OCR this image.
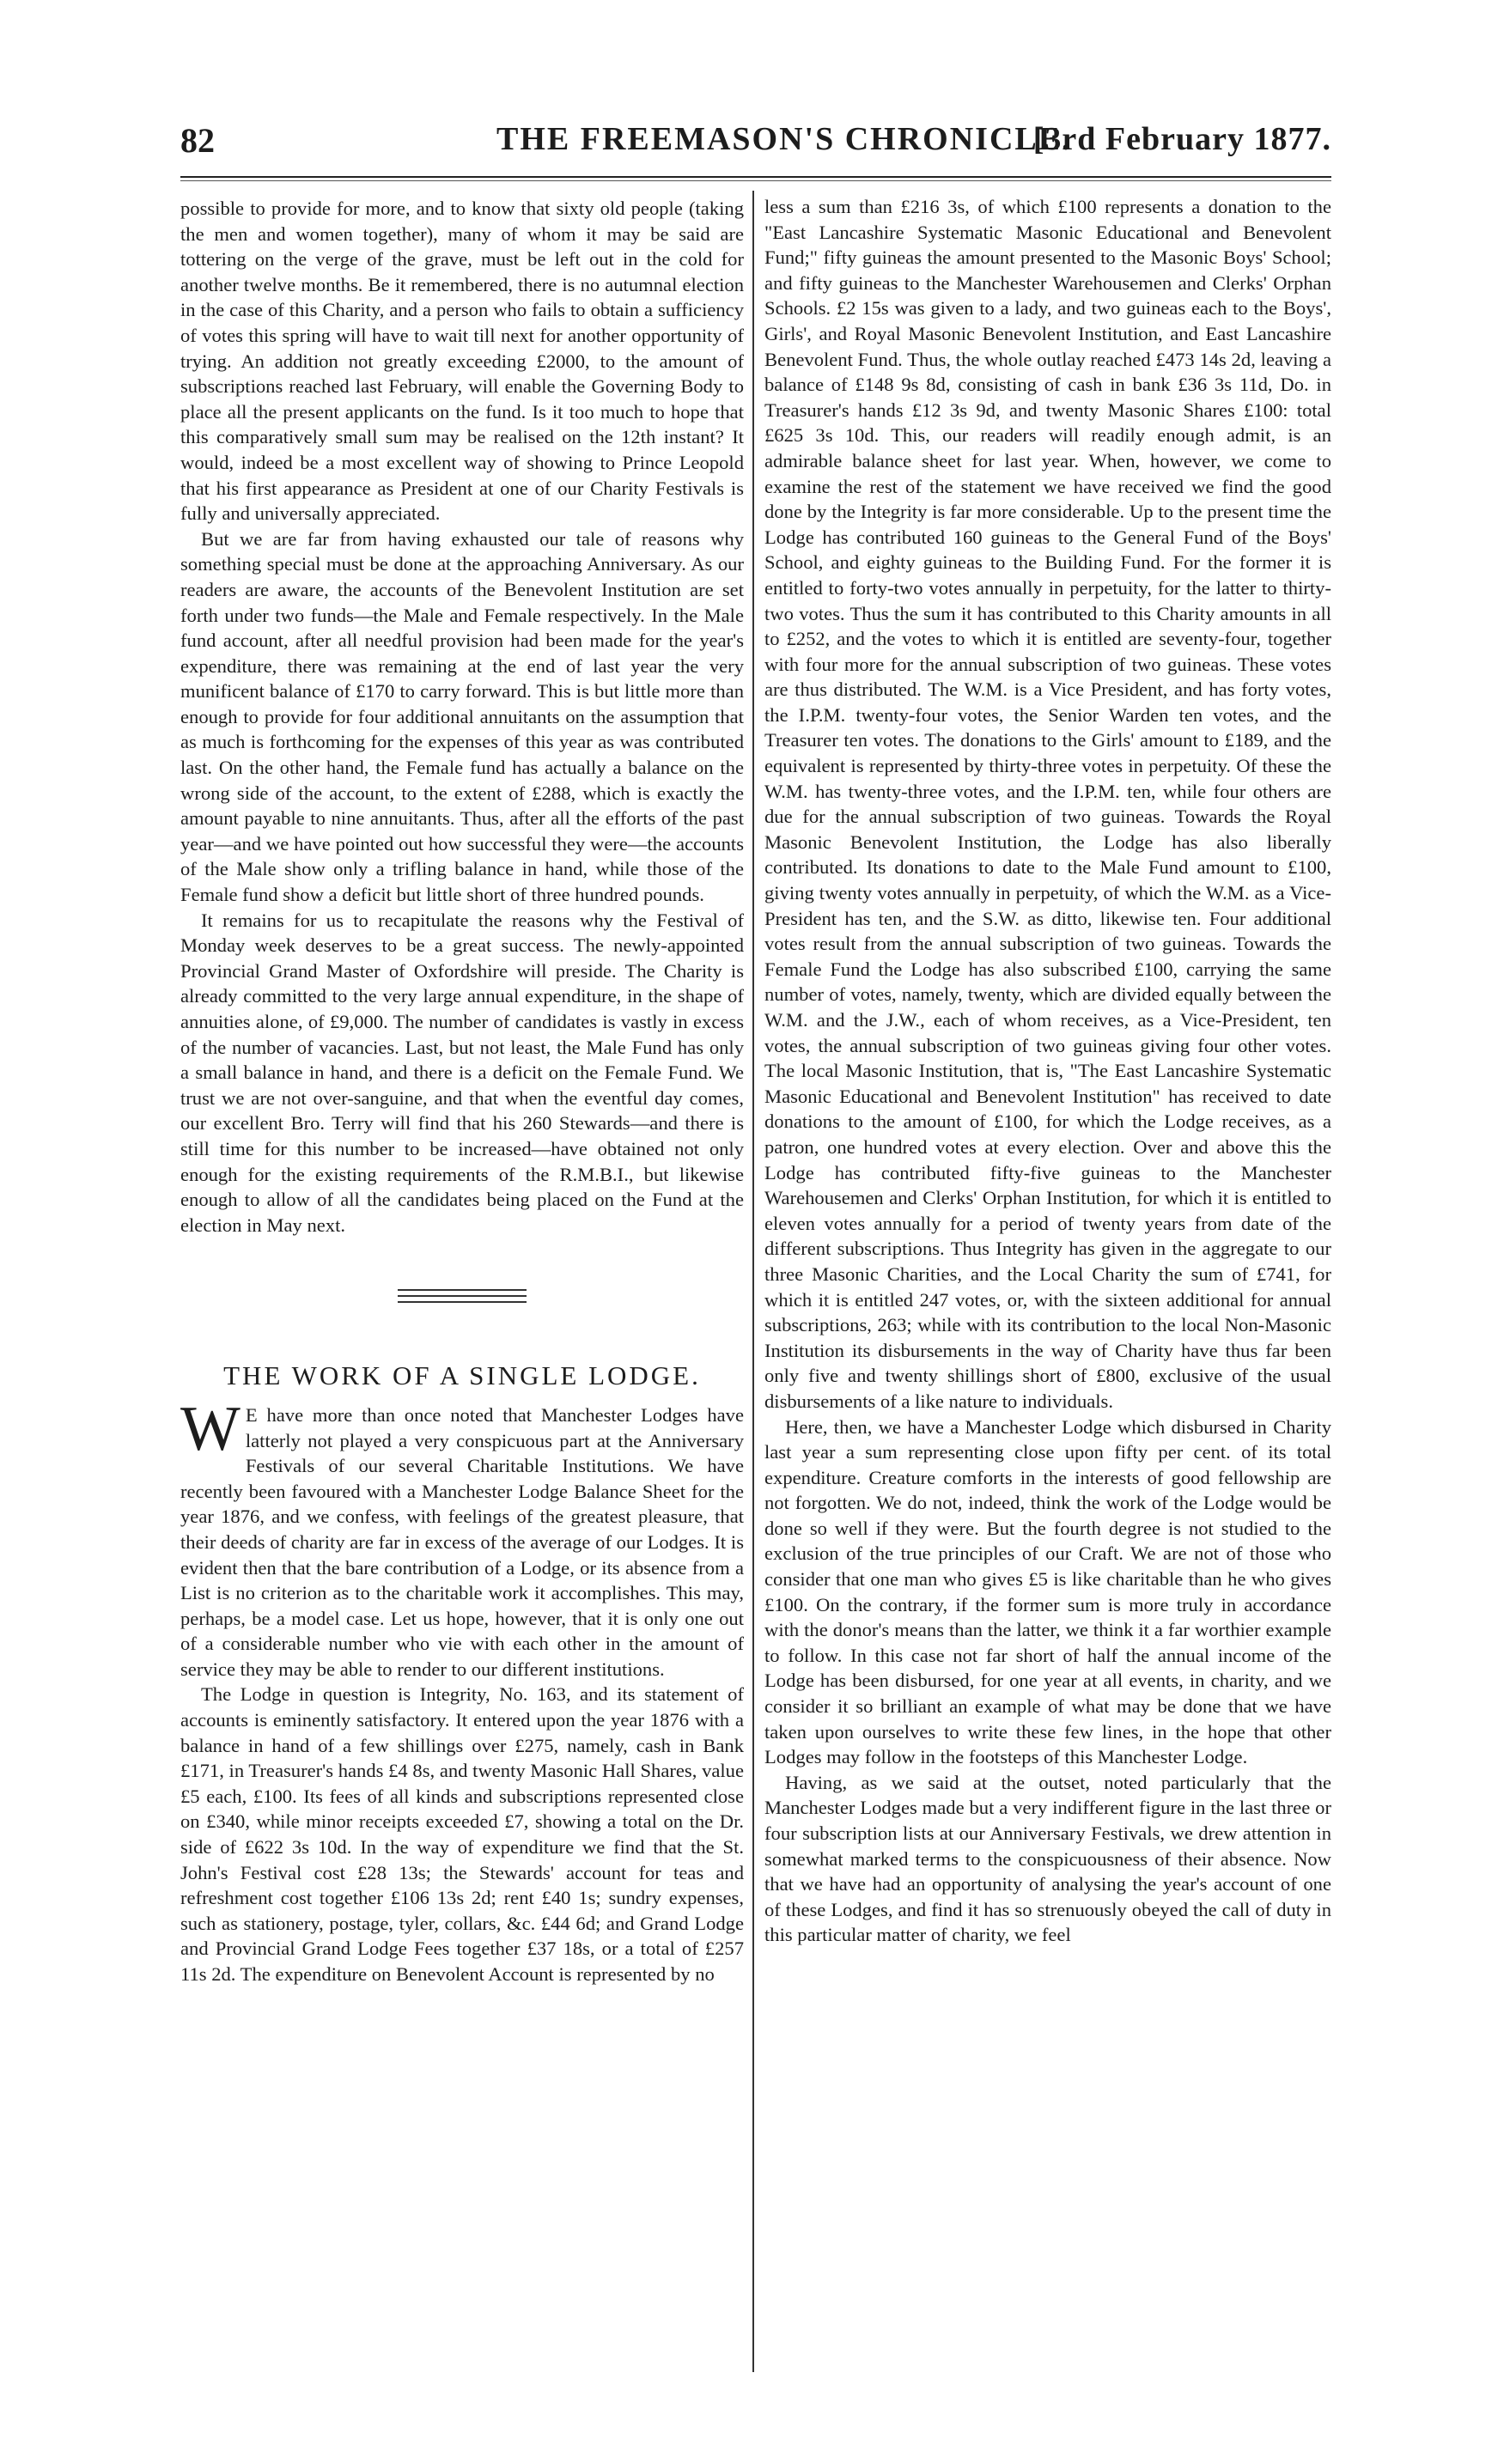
82	THE FREEMASON'S CHRONICLE.
[3rd February 1877.

possible to provide for more, and to know that sixty old people (taking the men and women together), many of whom it may be said are tottering on the verge of the grave, must be left out in the cold for another twelve months. Be it remembered, there is no autumnal election in the case of this Charity, and a person who fails to obtain a sufficiency of votes this spring will have to wait till next for another opportunity of trying. An addition not greatly exceeding £2000, to the amount of subscriptions reached last February, will enable the Governing Body to place all the present applicants on the fund. Is it too much to hope that this comparatively small sum may be realised on the 12th instant? It would, indeed be a most excellent way of showing to Prince Leopold that his first appearance as President at one of our Charity Festivals is fully and universally appreciated.

But we are far from having exhausted our tale of reasons why something special must be done at the approaching Anniversary. As our readers are aware, the accounts of the Benevolent Institution are set forth under two funds—the Male and Female respectively. In the Male fund account, after all needful provision had been made for the year's expenditure, there was remaining at the end of last year the very munificent balance of £170 to carry forward. This is but little more than enough to provide for four additional annuitants on the assumption that as much is forthcoming for the expenses of this year as was contributed last. On the other hand, the Female fund has actually a balance on the wrong side of the account, to the extent of £288, which is exactly the amount payable to nine annuitants. Thus, after all the efforts of the past year—and we have pointed out how successful they were—the accounts of the Male show only a trifling balance in hand, while those of the Female fund show a deficit but little short of three hundred pounds.

It remains for us to recapitulate the reasons why the Festival of Monday week deserves to be a great success. The newly-appointed Provincial Grand Master of Oxfordshire will preside. The Charity is already committed to the very large annual expenditure, in the shape of annuities alone, of £9,000. The number of candidates is vastly in excess of the number of vacancies. Last, but not least, the Male Fund has only a small balance in hand, and there is a deficit on the Female Fund. We trust we are not over-sanguine, and that when the eventful day comes, our excellent Bro. Terry will find that his 260 Stewards—and there is still time for this number to be increased—have obtained not only enough for the existing requirements of the R.M.B.I., but likewise enough to allow of all the candidates being placed on the Fund at the election in May next.

THE WORK OF A SINGLE LODGE.

W E have more than once noted that Manchester Lodges have latterly not played a very conspicuous part at the Anniversary Festivals of our several Charitable Institutions. We have recently been favoured with a Manchester Lodge Balance Sheet for the year 1876, and we confess, with feelings of the greatest pleasure, that their deeds of charity are far in excess of the average of our Lodges. It is evident then that the bare contribution of a Lodge, or its absence from a List is no criterion as to the charitable work it accomplishes. This may, perhaps, be a model case. Let us hope, however, that it is only one out of a considerable number who vie with each other in the amount of service they may be able to render to our different institutions.

The Lodge in question is Integrity, No. 163, and its statement of accounts is eminently satisfactory. It entered upon the year 1876 with a balance in hand of a few shillings over £275, namely, cash in Bank £171, in Treasurer's hands £4 8s, and twenty Masonic Hall Shares, value £5 each, £100. Its fees of all kinds and subscriptions represented close on £340, while minor receipts exceeded £7, showing a total on the Dr. side of £622 3s 10d. In the way of expenditure we find that the St. John's Festival cost £28 13s; the Stewards' account for teas and refreshment cost together £106 13s 2d; rent £40 1s; sundry expenses, such as stationery, postage, tyler, collars, &c. £44 6d; and Grand Lodge and Provincial Grand Lodge Fees together £37 18s, or a total of £257 11s 2d. The expenditure on Benevolent Account is represented by no

less a sum than £216 3s, of which £100 represents a donation to the "East Lancashire Systematic Masonic Educational and Benevolent Fund;" fifty guineas the amount presented to the Masonic Boys' School; and fifty guineas to the Manchester Warehousemen and Clerks' Orphan Schools. £2 15s was given to a lady, and two guineas each to the Boys', Girls', and Royal Masonic Benevolent Institution, and East Lancashire Benevolent Fund. Thus, the whole outlay reached £473 14s 2d, leaving a balance of £148 9s 8d, consisting of cash in bank £36 3s 11d, Do. in Treasurer's hands £12 3s 9d, and twenty Masonic Shares £100: total £625 3s 10d. This, our readers will readily enough admit, is an admirable balance sheet for last year. When, however, we come to examine the rest of the statement we have received we find the good done by the Integrity is far more considerable. Up to the present time the Lodge has contributed 160 guineas to the General Fund of the Boys' School, and eighty guineas to the Building Fund. For the former it is entitled to forty-two votes annually in perpetuity, for the latter to thirty-two votes. Thus the sum it has contributed to this Charity amounts in all to £252, and the votes to which it is entitled are seventy-four, together with four more for the annual subscription of two guineas. These votes are thus distributed. The W.M. is a Vice President, and has forty votes, the I.P.M. twenty-four votes, the Senior Warden ten votes, and the Treasurer ten votes. The donations to the Girls' amount to £189, and the equivalent is represented by thirty-three votes in perpetuity. Of these the W.M. has twenty-three votes, and the I.P.M. ten, while four others are due for the annual subscription of two guineas. Towards the Royal Masonic Benevolent Institution, the Lodge has also liberally contributed. Its donations to date to the Male Fund amount to £100, giving twenty votes annually in perpetuity, of which the W.M. as a Vice-President has ten, and the S.W. as ditto, likewise ten. Four additional votes result from the annual subscription of two guineas. Towards the Female Fund the Lodge has also subscribed £100, carrying the same number of votes, namely, twenty, which are divided equally between the W.M. and the J.W., each of whom receives, as a Vice-President, ten votes, the annual subscription of two guineas giving four other votes. The local Masonic Institution, that is, "The East Lancashire Systematic Masonic Educational and Benevolent Institution" has received to date donations to the amount of £100, for which the Lodge receives, as a patron, one hundred votes at every election. Over and above this the Lodge has contributed fifty-five guineas to the Manchester Warehousemen and Clerks' Orphan Institution, for which it is entitled to eleven votes annually for a period of twenty years from date of the different subscriptions. Thus Integrity has given in the aggregate to our three Masonic Charities, and the Local Charity the sum of £741, for which it is entitled 247 votes, or, with the sixteen additional for annual subscriptions, 263; while with its contribution to the local Non-Masonic Institution its disbursements in the way of Charity have thus far been only five and twenty shillings short of £800, exclusive of the usual disbursements of a like nature to individuals.

Here, then, we have a Manchester Lodge which disbursed in Charity last year a sum representing close upon fifty per cent. of its total expenditure. Creature comforts in the interests of good fellowship are not forgotten. We do not, indeed, think the work of the Lodge would be done so well if they were. But the fourth degree is not studied to the exclusion of the true principles of our Craft. We are not of those who consider that one man who gives £5 is like charitable than he who gives £100. On the contrary, if the former sum is more truly in accordance with the donor's means than the latter, we think it a far worthier example to follow. In this case not far short of half the annual income of the Lodge has been disbursed, for one year at all events, in charity, and we consider it so brilliant an example of what may be done that we have taken upon ourselves to write these few lines, in the hope that other Lodges may follow in the footsteps of this Manchester Lodge.

Having, as we said at the outset, noted particularly that the Manchester Lodges made but a very indifferent figure in the last three or four subscription lists at our Anniversary Festivals, we drew attention in somewhat marked terms to the conspicuousness of their absence. Now that we have had an opportunity of analysing the year's account of one of these Lodges, and find it has so strenuously obeyed the call of duty in this particular matter of charity, we feel
